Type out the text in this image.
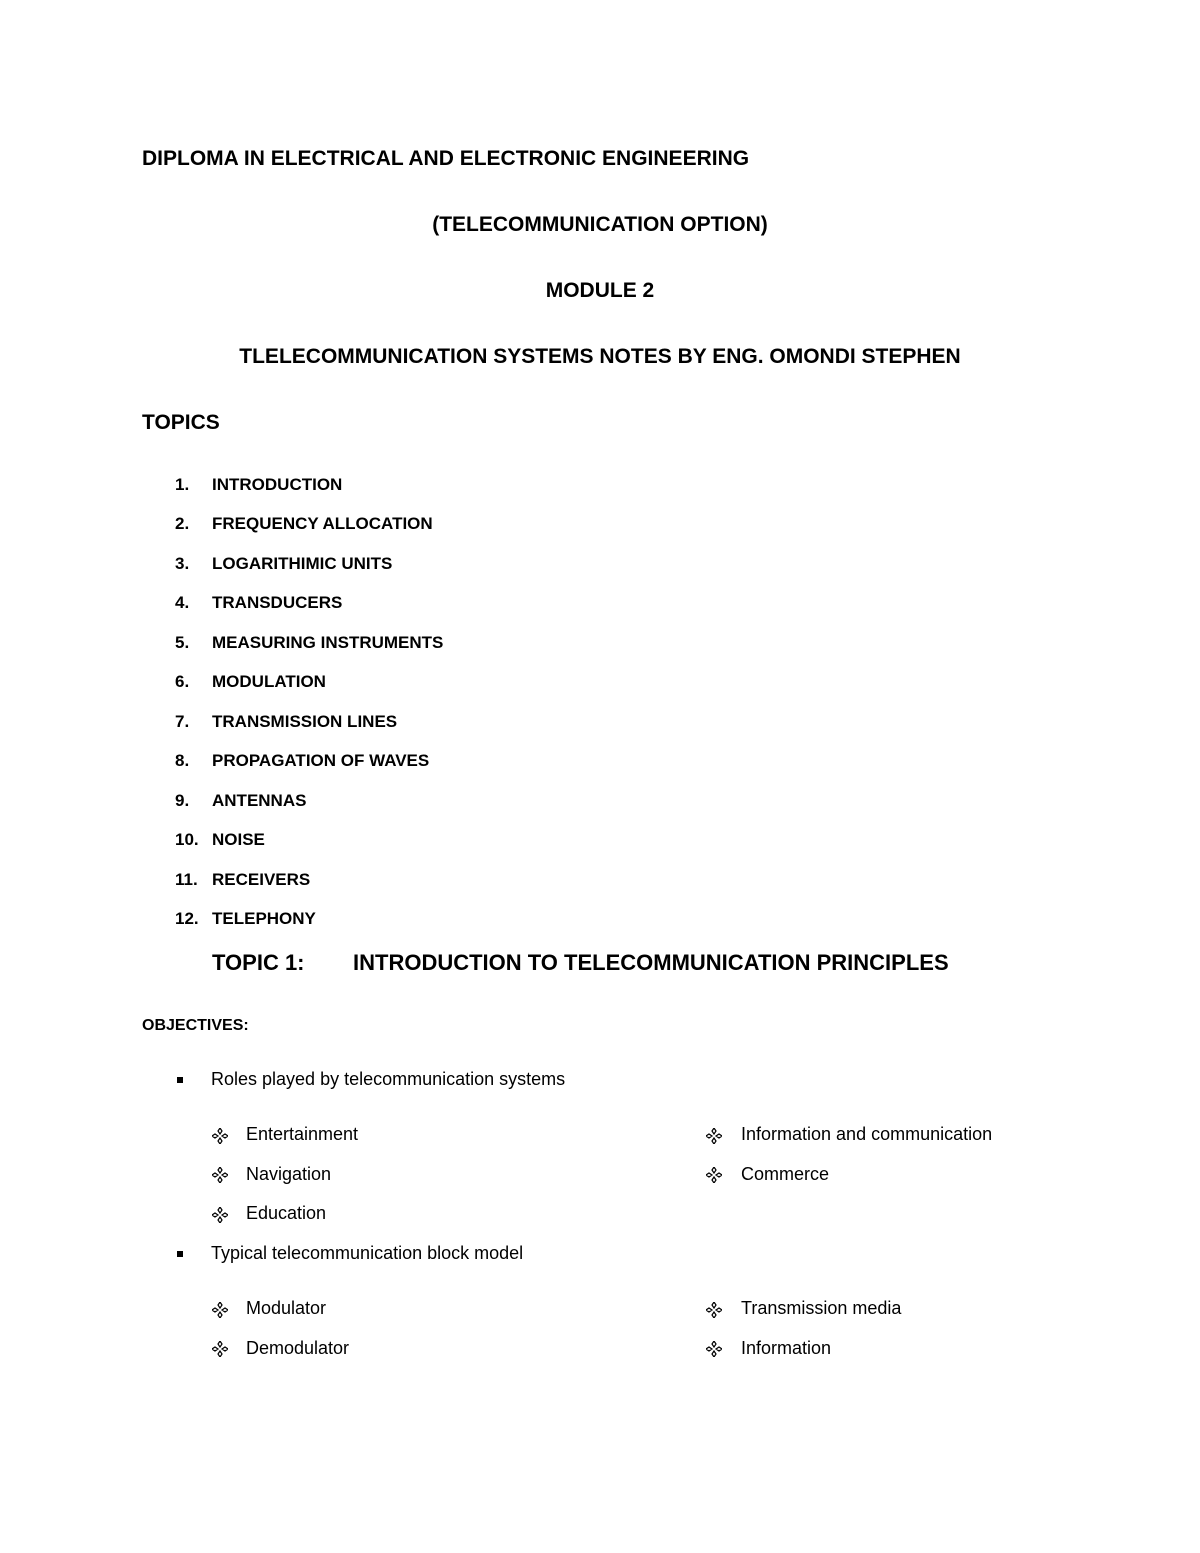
DIPLOMA IN ELECTRICAL AND ELECTRONIC ENGINEERING
(TELECOMMUNICATION OPTION)
MODULE 2
TLELECOMMUNICATION SYSTEMS NOTES BY ENG. OMONDI STEPHEN
TOPICS
1. INTRODUCTION
2. FREQUENCY ALLOCATION
3. LOGARITHIMIC UNITS
4. TRANSDUCERS
5. MEASURING INSTRUMENTS
6. MODULATION
7. TRANSMISSION LINES
8. PROPAGATION OF WAVES
9. ANTENNAS
10. NOISE
11. RECEIVERS
12. TELEPHONY
TOPIC 1: INTRODUCTION TO TELECOMMUNICATION PRINCIPLES
OBJECTIVES:
Roles played by telecommunication systems
Entertainment	Information and communication
Navigation	Commerce
Education
Typical telecommunication block model
Modulator	Transmission media
Demodulator	Information
